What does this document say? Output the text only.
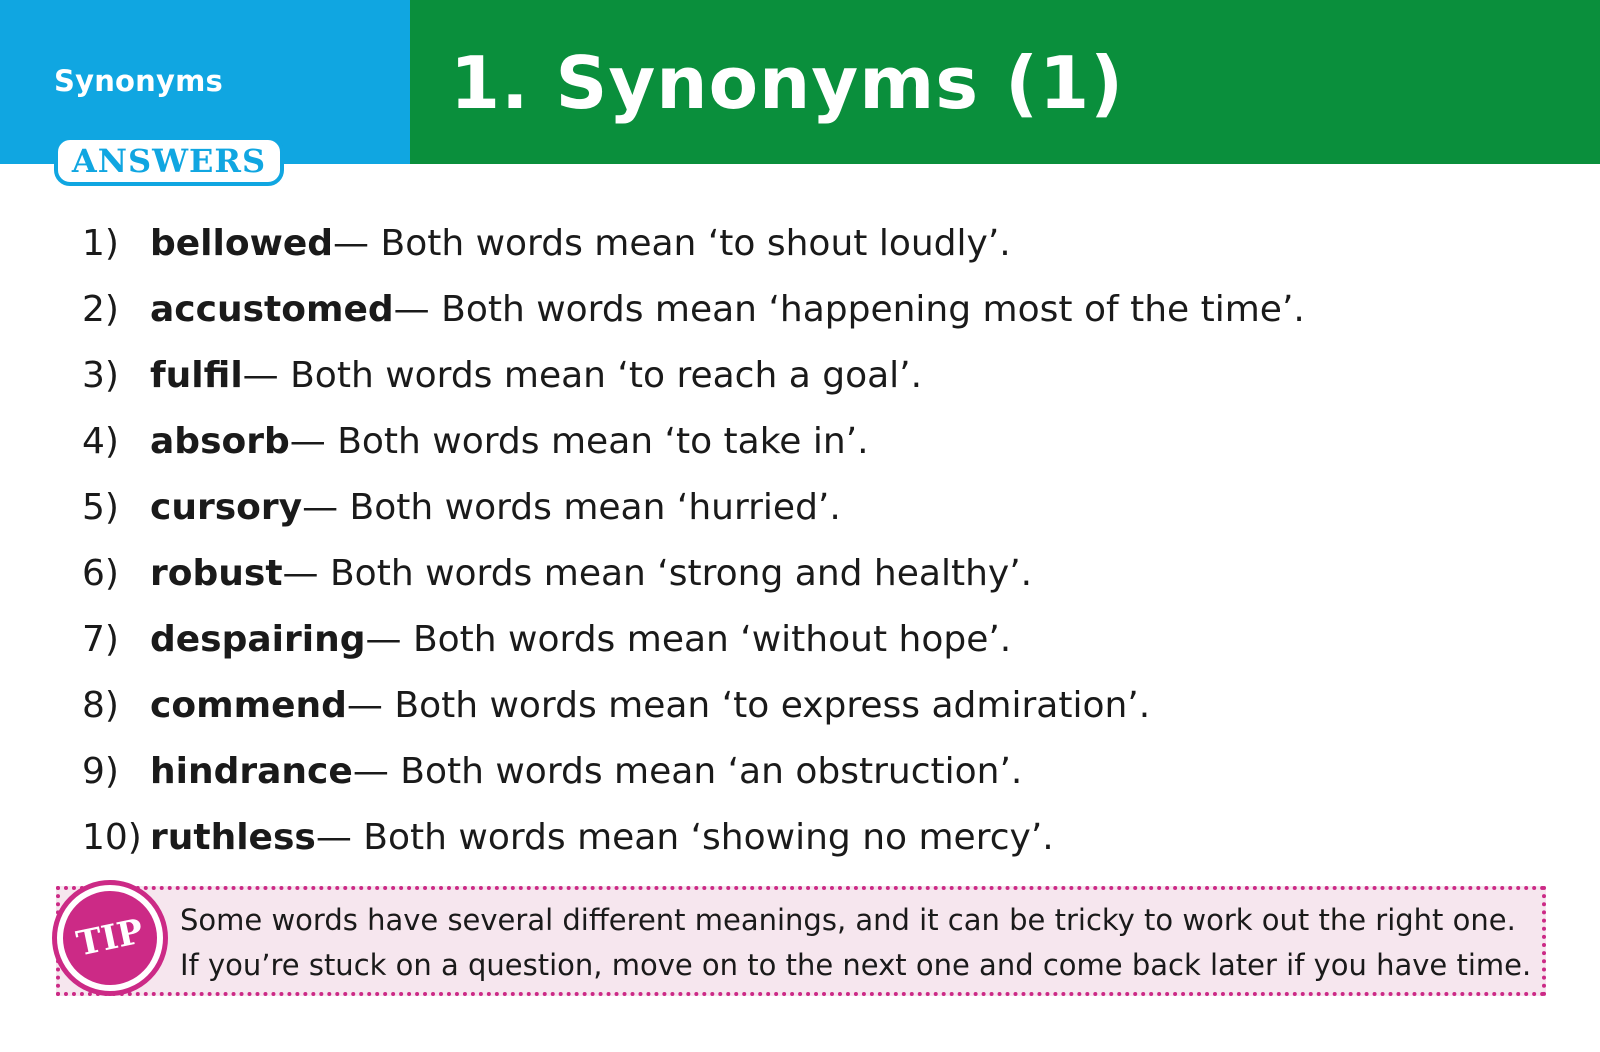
Synonyms	1. Synonyms (1)
ANSWERS
1) bellowed — Both words mean ‘to shout loudly’.
2) accustomed — Both words mean ‘happening most of the time’.
3) fulfil — Both words mean ‘to reach a goal’.
4) absorb — Both words mean ‘to take in’.
5) cursory — Both words mean ‘hurried’.
6) robust — Both words mean ‘strong and healthy’.
7) despairing — Both words mean ‘without hope’.
8) commend — Both words mean ‘to express admiration’.
9) hindrance — Both words mean ‘an obstruction’.
10) ruthless — Both words mean ‘showing no mercy’.
TIP	Some words have several different meanings, and it can be tricky to work out the right one.
If you’re stuck on a question, move on to the next one and come back later if you have time.
